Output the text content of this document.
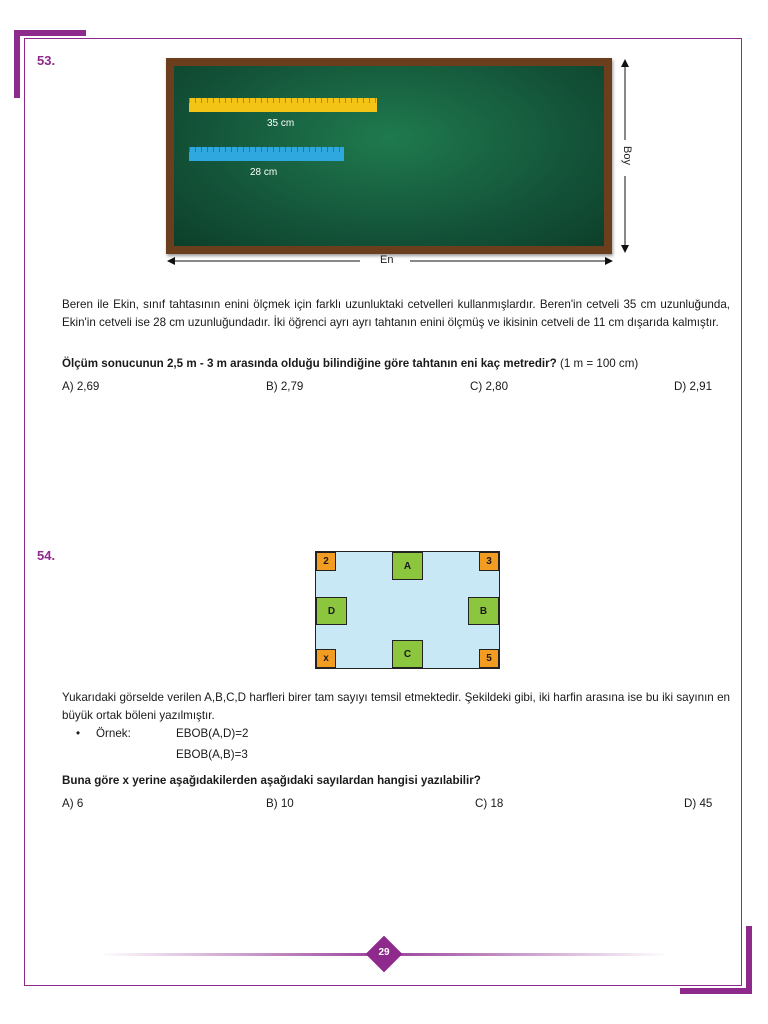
53.
35 cm
28 cm
En
Boy
Beren ile Ekin, sınıf tahtasının enini ölçmek için farklı uzunluktaki cetvelleri kullanmışlardır. Beren'in cetveli 35 cm uzunluğunda, Ekin'in cetveli ise 28 cm uzunluğundadır. İki öğrenci ayrı ayrı tahtanın enini ölçmüş ve ikisinin cetveli de 11 cm dışarıda kalmıştır.
Ölçüm sonucunun 2,5 m - 3 m arasında olduğu bilindiğine göre tahtanın eni kaç metredir? (1 m = 100 cm)
A) 2,69	B) 2,79	C) 2,80	D) 2,91
54.	2	3
x	5
A
D	B
C
Yukarıdaki görselde verilen A,B,C,D harfleri birer tam sayıyı temsil etmektedir. Şekildeki gibi, iki harfin arasına ise bu iki sayının en büyük ortak böleni yazılmıştır.
• Örnek:	EBOB(A,D)=2
EBOB(A,B)=3
Buna göre x yerine aşağıdakilerden aşağıdaki sayılardan hangisi yazılabilir?
A) 6	B) 10	C) 18	D) 45
29
